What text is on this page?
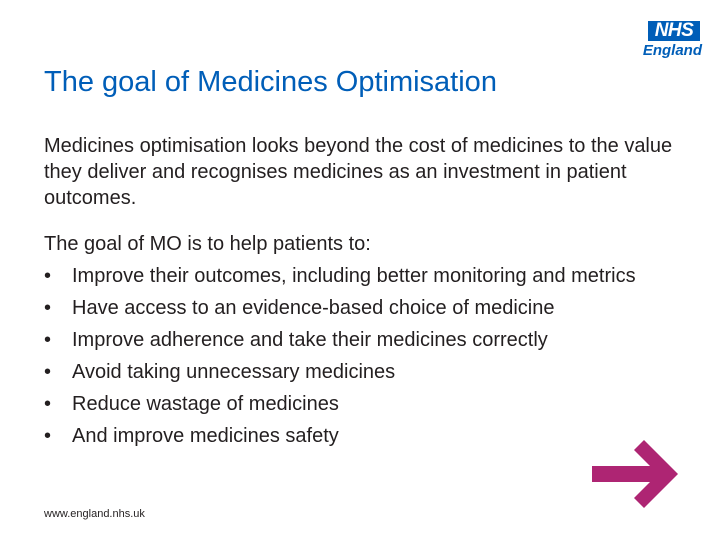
NHS
England
The goal of Medicines Optimisation

Medicines optimisation looks beyond the cost of medicines to the value they deliver and recognises medicines as an investment in patient outcomes.

The goal of MO is to help patients to:

• Improve their outcomes, including better monitoring and metrics
• Have access to an evidence-based choice of medicine
• Improve adherence and take their medicines correctly
• Avoid taking unnecessary medicines
• Reduce wastage of medicines
• And improve medicines safety
www.england.nhs.uk
